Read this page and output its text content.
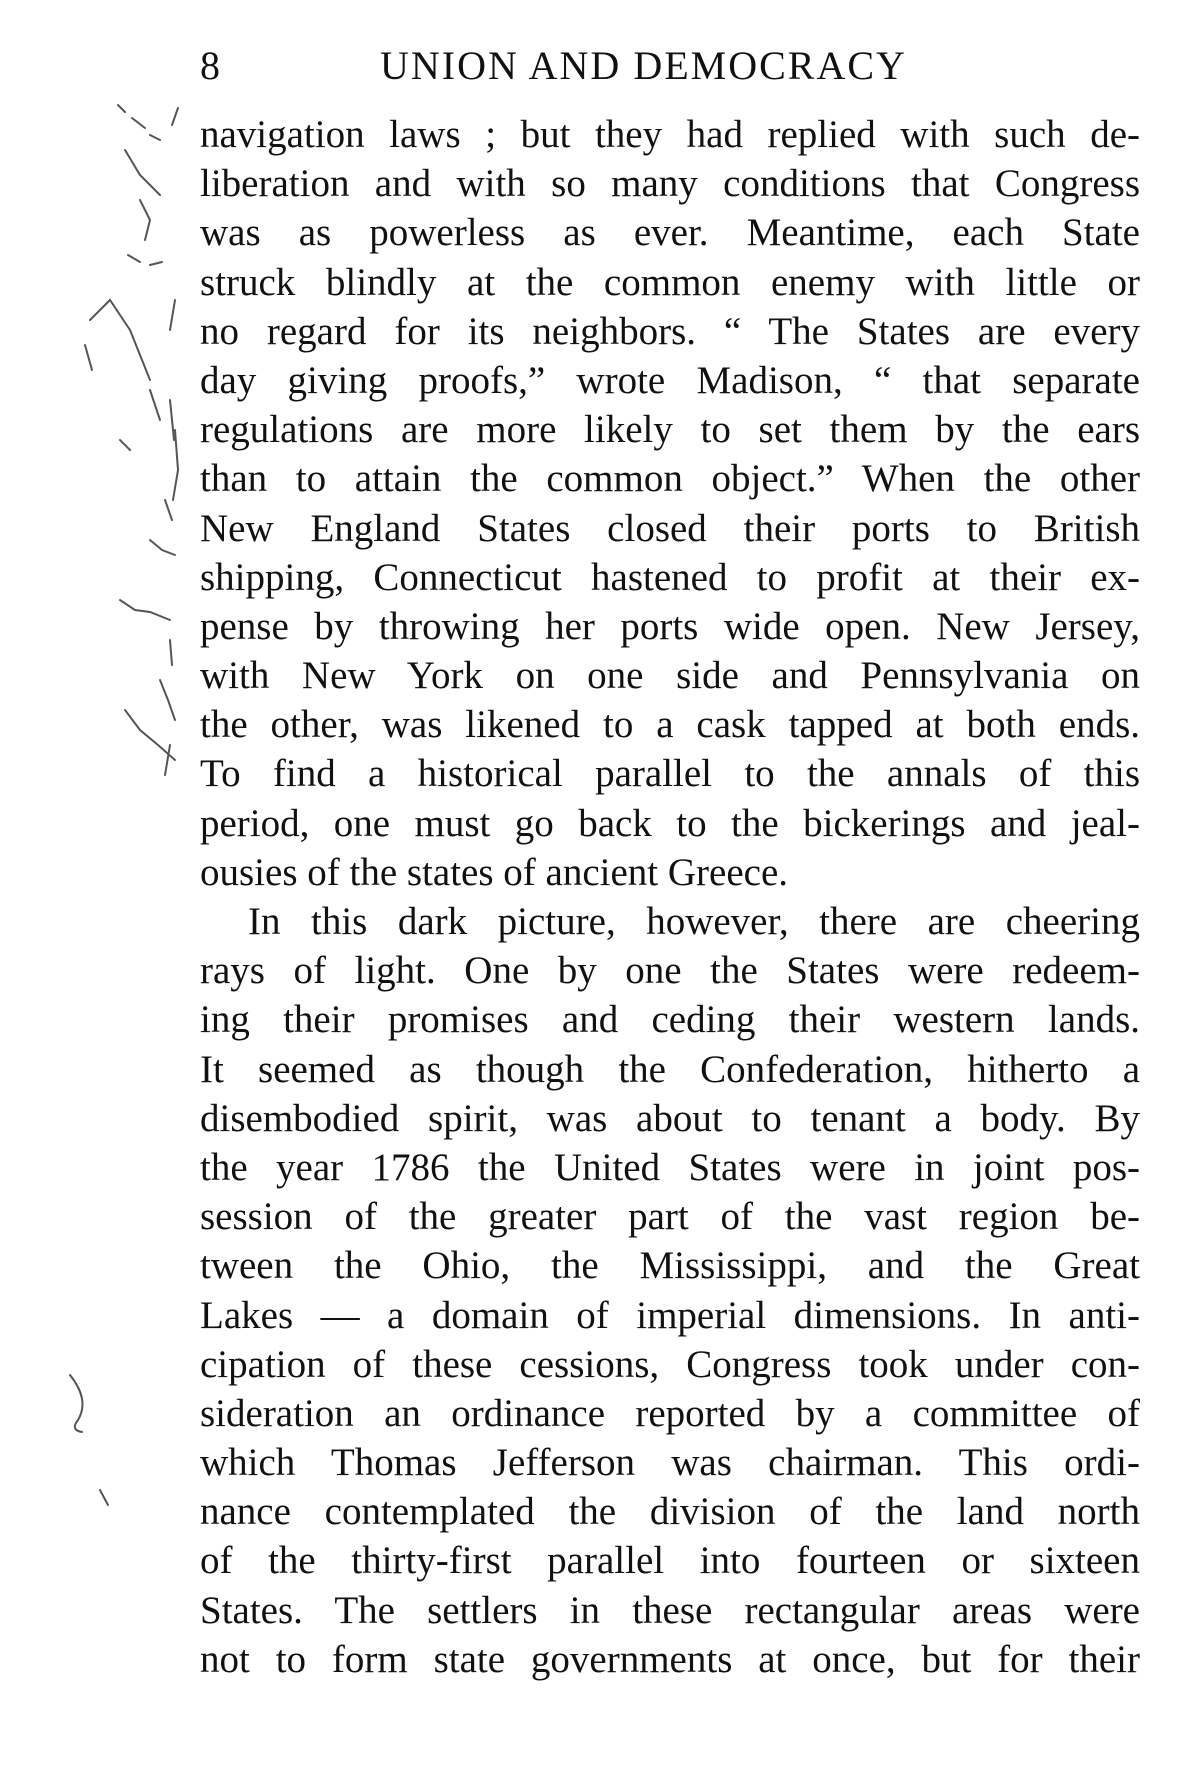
8	UNION AND DEMOCRACY
navigation laws ; but they had replied with such de-
liberation and with so many conditions that Congress
was as powerless as ever. Meantime, each State
struck blindly at the common enemy with little or
no regard for its neighbors. “ The States are every
day giving proofs,” wrote Madison, “ that separate
regulations are more likely to set them by the ears
than to attain the common object.” When the other
New England States closed their ports to British
shipping, Connecticut hastened to profit at their ex-
pense by throwing her ports wide open. New Jersey,
with New York on one side and Pennsylvania on
the other, was likened to a cask tapped at both ends.
To find a historical parallel to the annals of this
period, one must go back to the bickerings and jeal-
ousies of the states of ancient Greece.
In this dark picture, however, there are cheering
rays of light. One by one the States were redeem-
ing their promises and ceding their western lands.
It seemed as though the Confederation, hitherto a
disembodied spirit, was about to tenant a body. By
the year 1786 the United States were in joint pos-
session of the greater part of the vast region be-
tween the Ohio, the Mississippi, and the Great
Lakes — a domain of imperial dimensions. In anti-
cipation of these cessions, Congress took under con-
sideration an ordinance reported by a committee of
which Thomas Jefferson was chairman. This ordi-
nance contemplated the division of the land north
of the thirty-first parallel into fourteen or sixteen
States. The settlers in these rectangular areas were
not to form state governments at once, but for their
